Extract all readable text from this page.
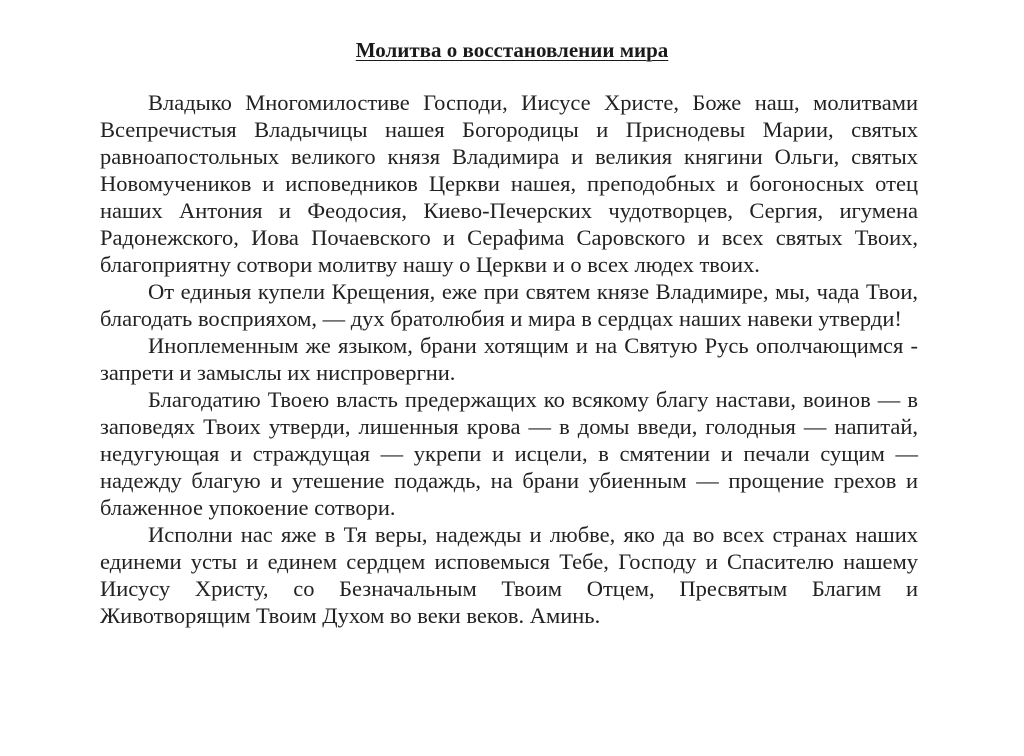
Молитва о восстановлении мира

Владыко Многомилостиве Господи, Иисусе Христе, Боже наш, молитвами Всепречистыя Владычицы нашея Богородицы и Приснодевы Марии, святых равноапостольных великого князя Владимира и великия княгини Ольги, святых Новомучеников и исповедников Церкви нашея, преподобных и богоносных отец наших Антония и Феодосия, Киево-Печерских чудотворцев, Сергия, игумена Радонежского, Иова Почаевского и Серафима Саровского и всех святых Твоих, благоприятну сотвори молитву нашу о Церкви и о всех людех твоих.

От единыя купели Крещения, еже при святем князе Владимире, мы, чада Твои, благодать восприяхом, — дух братолюбия и мира в сердцах наших навеки утверди!

Иноплеменным же языком, брани хотящим и на Святую Русь ополчающимся - запрети и замыслы их ниспровергни.

Благодатию Твоею власть предержащих ко всякому благу настави, воинов — в заповедях Твоих утверди, лишенныя крова — в домы введи, голодныя — напитай, недугующая и страждущая — укрепи и исцели, в смятении и печали сущим — надежду благую и утешение подаждь, на брани убиенным — прощение грехов и блаженное упокоение сотвори.

Исполни нас яже в Тя веры, надежды и любве, яко да во всех странах наших единеми усты и единем сердцем исповемыся Тебе, Господу и Спасителю нашему Иисусу Христу, со Безначальным Твоим Отцем, Пресвятым Благим и Животворящим Твоим Духом во веки веков. Аминь.
